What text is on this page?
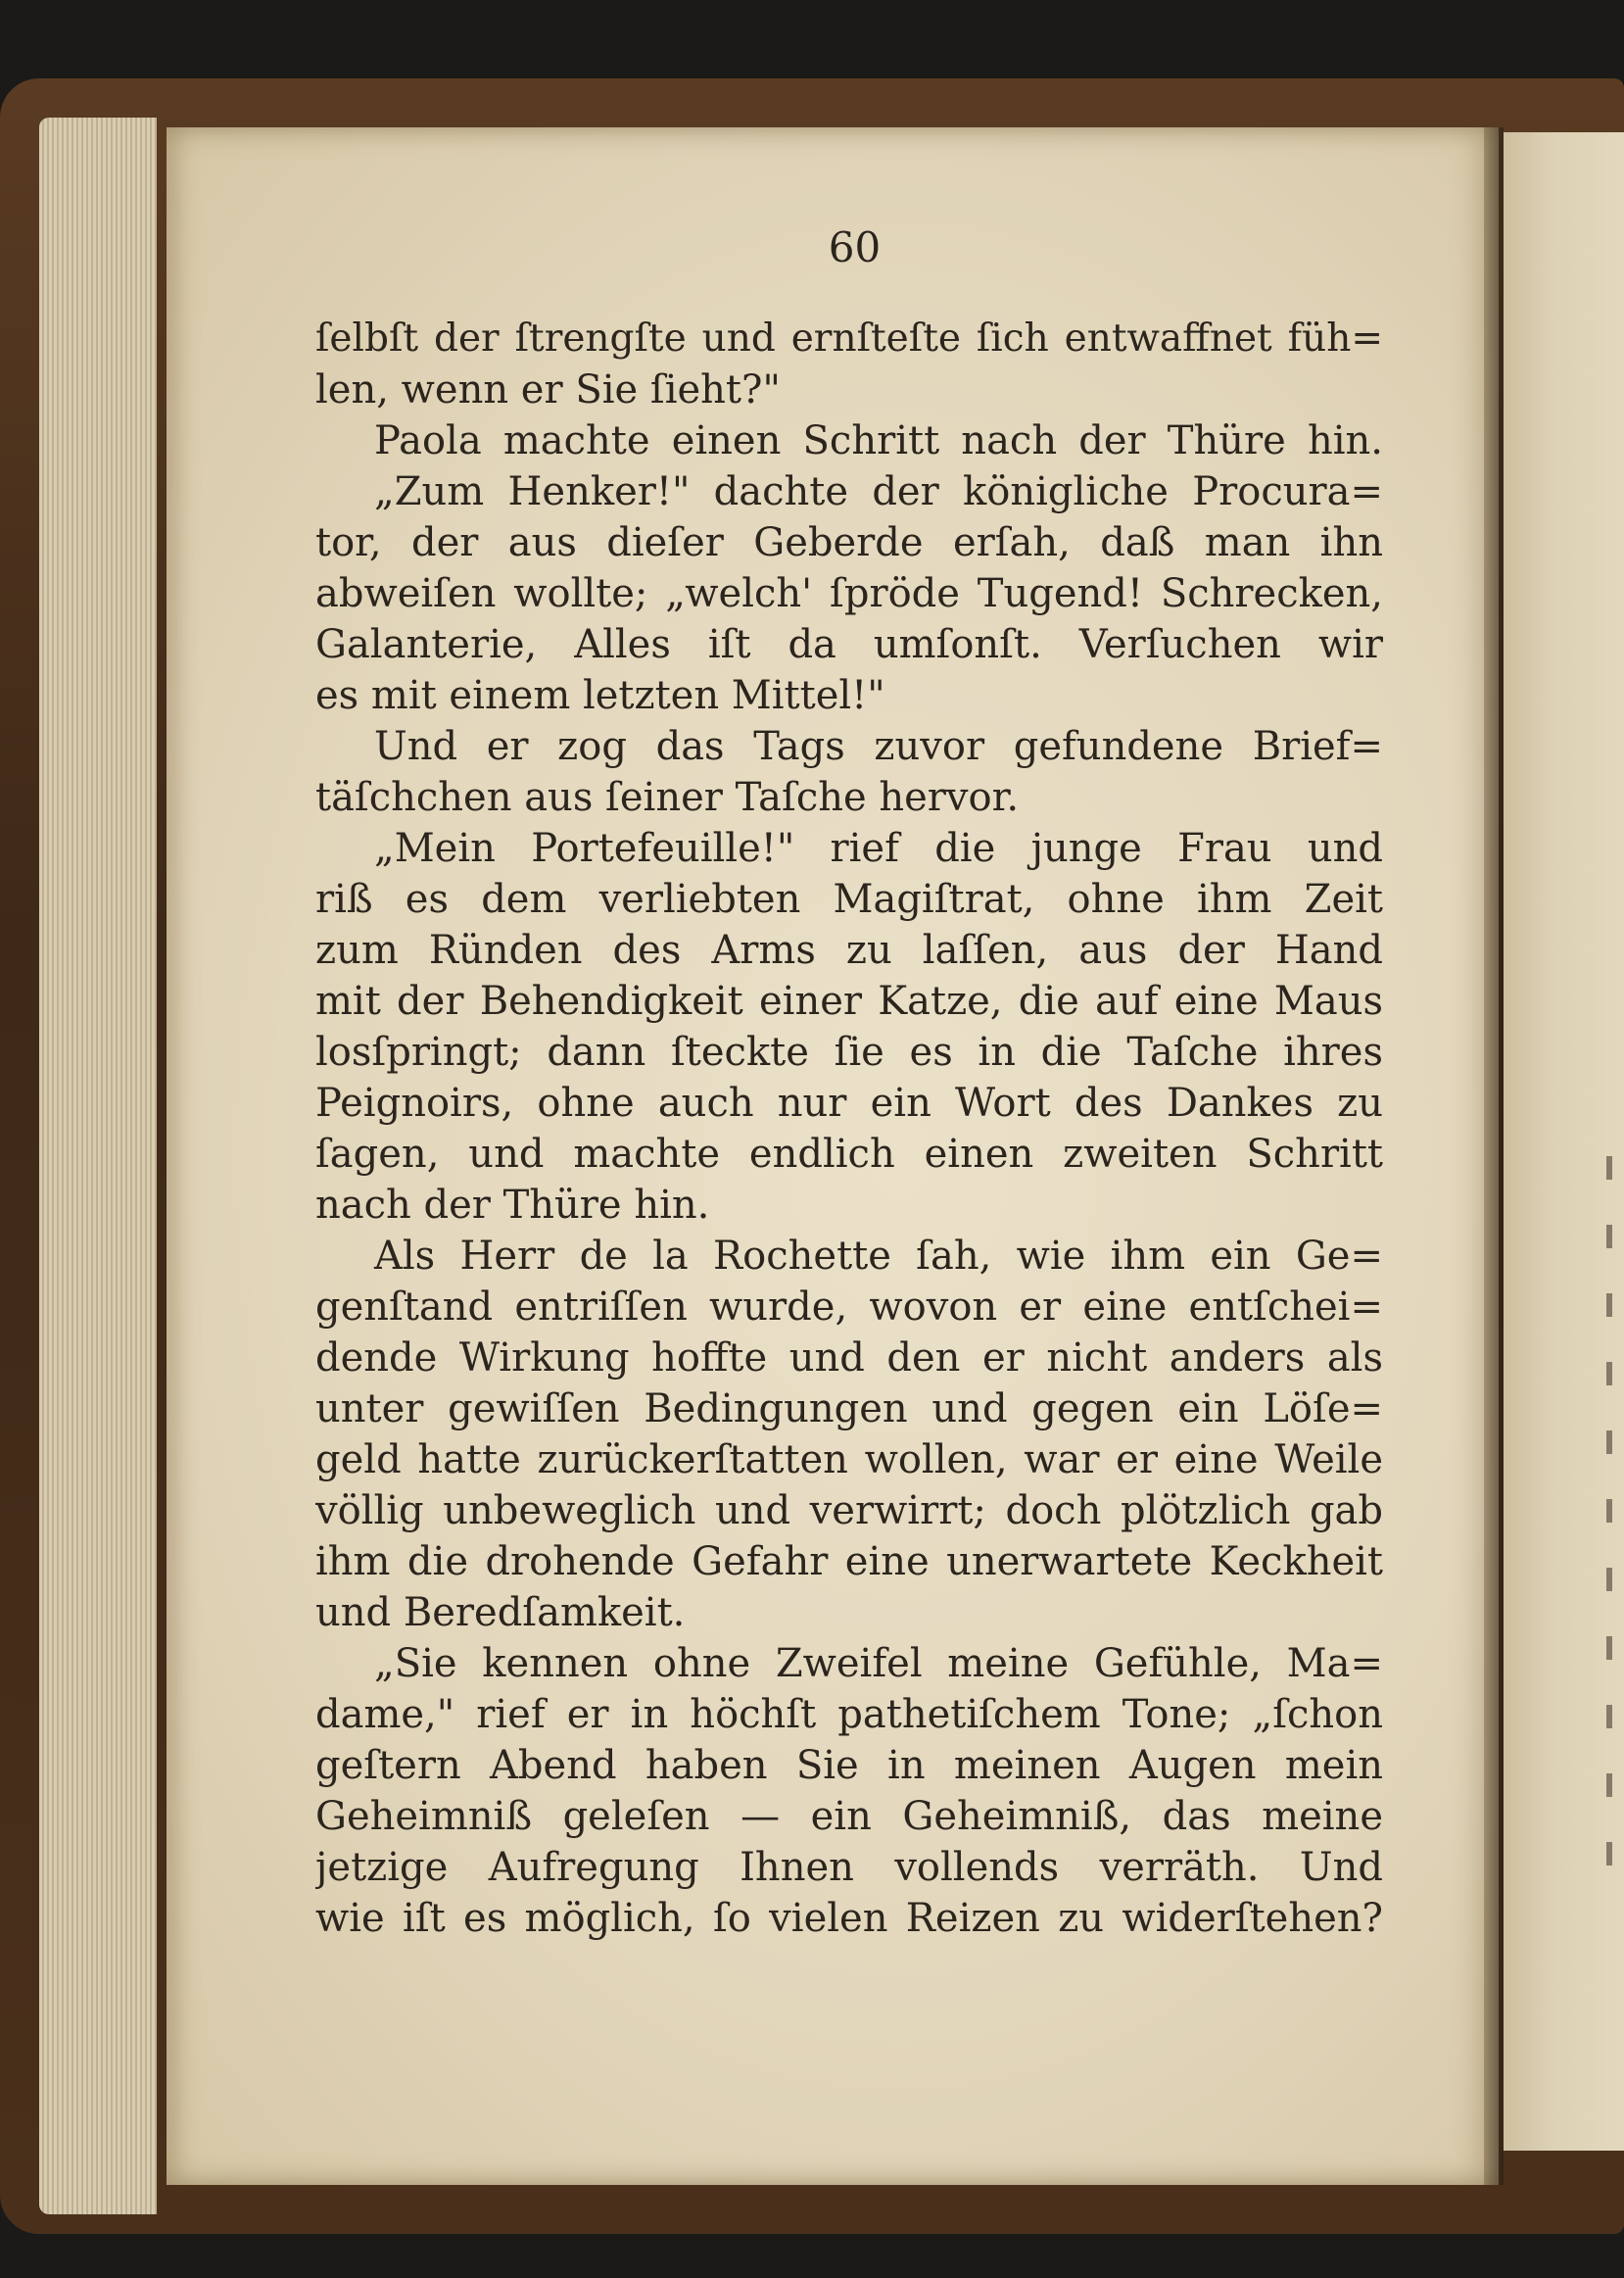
60
ſelbſt der ſtrengſte und ernſteſte ſich entwaffnet füh=
len, wenn er Sie ſieht?"
Paola machte einen Schritt nach der Thüre hin.
„Zum Henker!" dachte der königliche Procura=
tor, der aus dieſer Geberde erſah, daß man ihn
abweiſen wollte; „welch' ſpröde Tugend! Schrecken,
Galanterie, Alles iſt da umſonſt. Verſuchen wir
es mit einem letzten Mittel!"
Und er zog das Tags zuvor gefundene Brief=
täſchchen aus ſeiner Taſche hervor.
„Mein Portefeuille!" rief die junge Frau und
riß es dem verliebten Magiſtrat, ohne ihm Zeit
zum Ründen des Arms zu laſſen, aus der Hand
mit der Behendigkeit einer Katze, die auf eine Maus
losſpringt; dann ſteckte ſie es in die Taſche ihres
Peignoirs, ohne auch nur ein Wort des Dankes zu
ſagen, und machte endlich einen zweiten Schritt
nach der Thüre hin.
Als Herr de la Rochette ſah, wie ihm ein Ge=
genſtand entriſſen wurde, wovon er eine entſchei=
dende Wirkung hoffte und den er nicht anders als
unter gewiſſen Bedingungen und gegen ein Löſe=
geld hatte zurückerſtatten wollen, war er eine Weile
völlig unbeweglich und verwirrt; doch plötzlich gab
ihm die drohende Gefahr eine unerwartete Keckheit
und Beredſamkeit.
„Sie kennen ohne Zweifel meine Gefühle, Ma=
dame," rief er in höchſt pathetiſchem Tone; „ſchon
geſtern Abend haben Sie in meinen Augen mein
Geheimniß geleſen — ein Geheimniß, das meine
jetzige Aufregung Ihnen vollends verräth. Und
wie iſt es möglich, ſo vielen Reizen zu widerſtehen?
